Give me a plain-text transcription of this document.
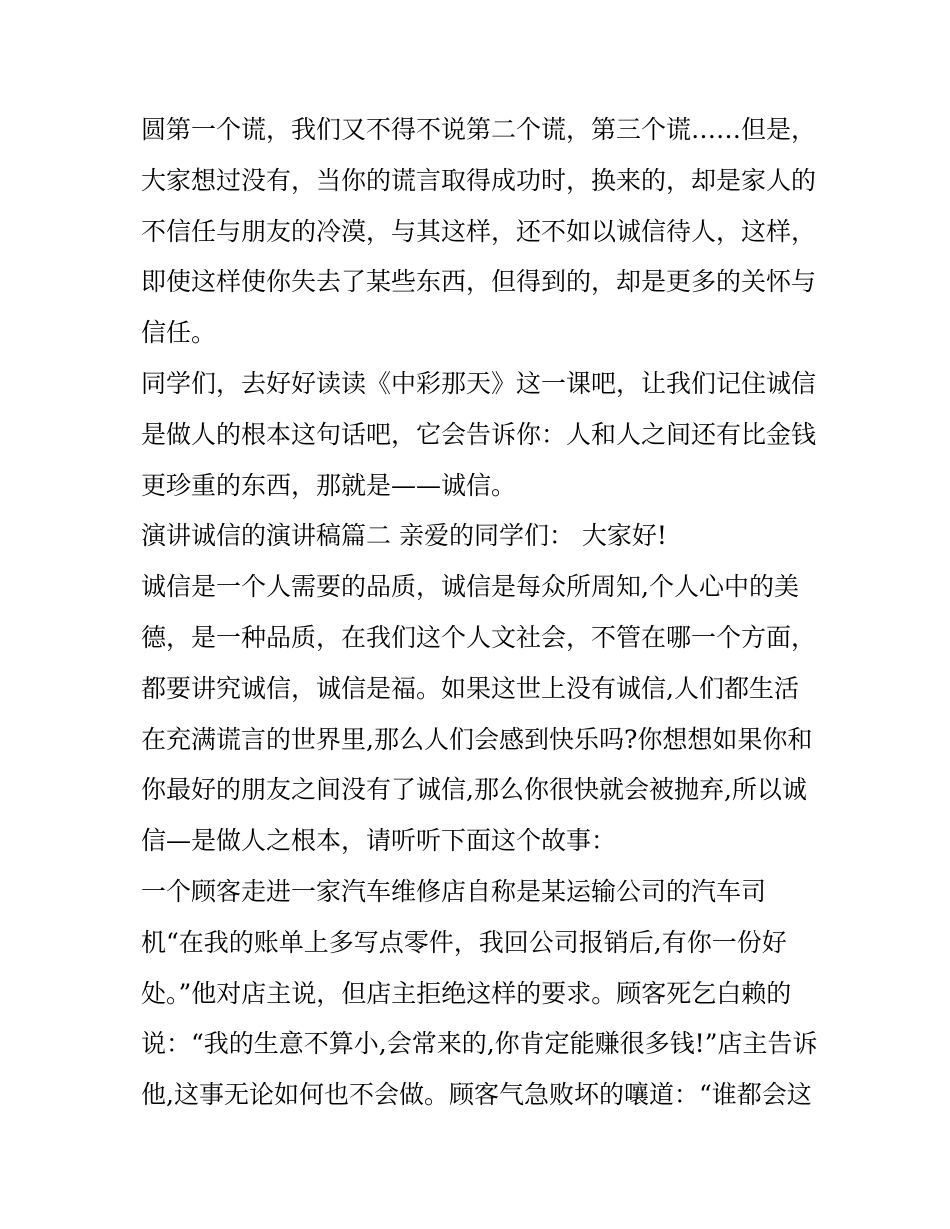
圆第一个谎，我们又不得不说第二个谎，第三个谎……但是，
大家想过没有，当你的谎言取得成功时，换来的，却是家人的
不信任与朋友的冷漠，与其这样，还不如以诚信待人，这样，
即使这样使你失去了某些东西，但得到的，却是更多的关怀与
信任。
同学们，去好好读读《中彩那天》这一课吧，让我们记住诚信
是做人的根本这句话吧，它会告诉你：人和人之间还有比金钱
更珍重的东西，那就是——诚信。
演讲诚信的演讲稿篇二 亲爱的同学们： 大家好!
诚信是一个人需要的品质，诚信是每众所周知,个人心中的美
德，是一种品质，在我们这个人文社会，不管在哪一个方面，
都要讲究诚信，诚信是福。如果这世上没有诚信,人们都生活
在充满谎言的世界里,那么人们会感到快乐吗?你想想如果你和
你最好的朋友之间没有了诚信,那么你很快就会被抛弃,所以诚
信—是做人之根本，请听听下面这个故事：
一个顾客走进一家汽车维修店自称是某运输公司的汽车司
机“在我的账单上多写点零件，我回公司报销后,有你一份好
处。”他对店主说，但店主拒绝这样的要求。顾客死乞白赖的
说：“我的生意不算小,会常来的,你肯定能赚很多钱!”店主告诉
他,这事无论如何也不会做。顾客气急败坏的嚷道：“谁都会这
